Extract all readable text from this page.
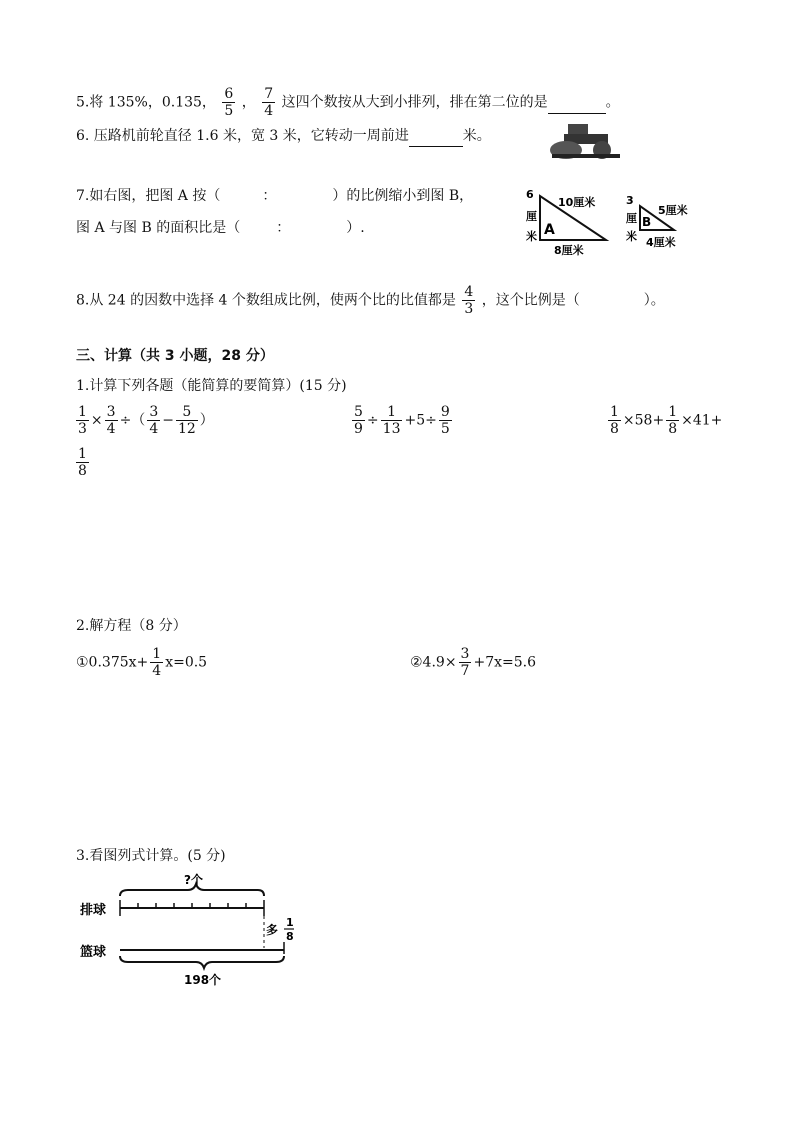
5.将 135%，0.135， $\frac{6}{5}$ ， $\frac{7}{4}$ 这四个数按从大到小排列，排在第二位的是	。
6. 压路机前轮直径 1.6 米，宽 3 米，它转动一周前进	米。
7.如右图，把图 A 按（	：	）的比例缩小到图 B，
图 A 与图 B 的面积比是（	：	）.
6
厘
米
10厘米
8厘米
A
3
厘
米
5厘米
4厘米
B
8.从 24 的因数中选择 4 个数组成比例，使两个比的比值都是 $\frac{4}{3}$ ，这个比例是（	）。
三、计算（共 3 小题，28 分）
1.计算下列各题（能简算的要简算）(15 分)
$\frac{1}{3} \times \frac{3}{4}$ ÷（ $\frac{3}{4} - \frac{5}{12}$ ）	$\frac{5}{9} \div \frac{1}{13} +5\div \frac{9}{5}$	$\frac{1}{8} \times 58+ \frac{1}{8} \times 41+$
$\frac{1}{8}$
2.解方程（8 分）
①0.375x+ $\frac{1}{4} x=0.5$	②4.9× $\frac{3}{7} +7x=5.6$
3.看图列式计算。(5 分)
?个
排球
多
1
8
篮球
198个
